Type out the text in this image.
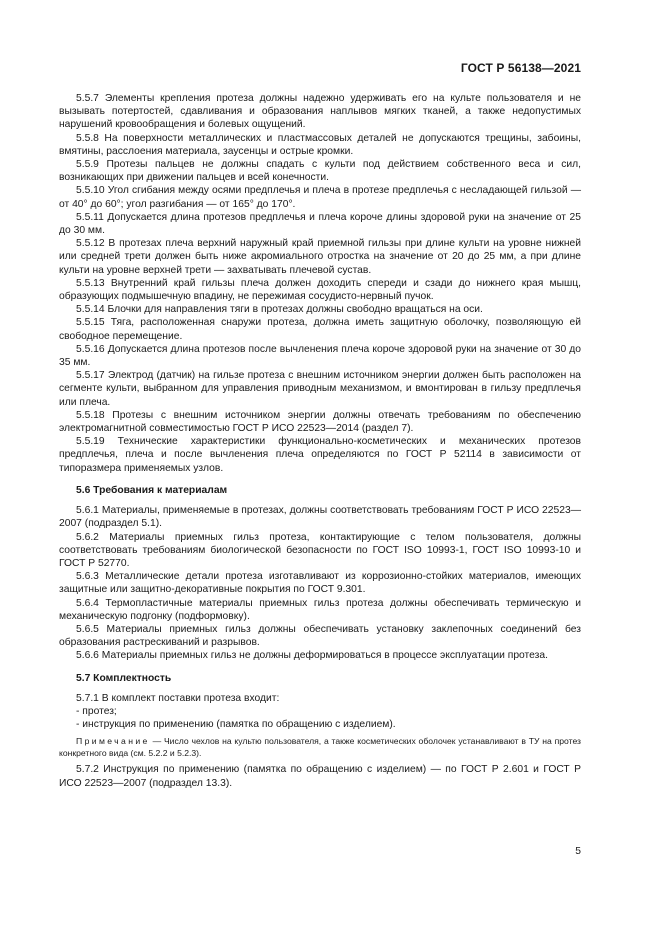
ГОСТ Р 56138—2021

5.5.7 Элементы крепления протеза должны надежно удерживать его на культе пользователя и не вызывать потертостей, сдавливания и образования наплывов мягких тканей, а также недопустимых нарушений кровообращения и болевых ощущений.

5.5.8 На поверхности металлических и пластмассовых деталей не допускаются трещины, забоины, вмятины, расслоения материала, заусенцы и острые кромки.

5.5.9 Протезы пальцев не должны спадать с культи под действием собственного веса и сил, возникающих при движении пальцев и всей конечности.

5.5.10 Угол сгибания между осями предплечья и плеча в протезе предплечья с несладающей гильзой — от 40° до 60°; угол разгибания — от 165° до 170°.

5.5.11 Допускается длина протезов предплечья и плеча короче длины здоровой руки на значение от 25 до 30 мм.

5.5.12 В протезах плеча верхний наружный край приемной гильзы при длине культи на уровне нижней или средней трети должен быть ниже акромиального отростка на значение от 20 до 25 мм, а при длине культи на уровне верхней трети — захватывать плечевой сустав.

5.5.13 Внутренний край гильзы плеча должен доходить спереди и сзади до нижнего края мышц, образующих подмышечную впадину, не пережимая сосудисто-нервный пучок.

5.5.14 Блочки для направления тяги в протезах должны свободно вращаться на оси.

5.5.15 Тяга, расположенная снаружи протеза, должна иметь защитную оболочку, позволяющую ей свободное перемещение.

5.5.16 Допускается длина протезов после вычленения плеча короче здоровой руки на значение от 30 до 35 мм.

5.5.17 Электрод (датчик) на гильзе протеза с внешним источником энергии должен быть расположен на сегменте культи, выбранном для управления приводным механизмом, и вмонтирован в гильзу предплечья или плеча.

5.5.18 Протезы с внешним источником энергии должны отвечать требованиям по обеспечению электромагнитной совместимостью ГОСТ Р ИСО 22523—2014 (раздел 7).

5.5.19 Технические характеристики функционально-косметических и механических протезов предплечья, плеча и после вычленения плеча определяются по ГОСТ Р 52114 в зависимости от типоразмера применяемых узлов.

5.6 Требования к материалам

5.6.1 Материалы, применяемые в протезах, должны соответствовать требованиям ГОСТ Р ИСО 22523—2007 (подраздел 5.1).

5.6.2 Материалы приемных гильз протеза, контактирующие с телом пользователя, должны соответствовать требованиям биологической безопасности по ГОСТ ISO 10993-1, ГОСТ ISO 10993-10 и ГОСТ Р 52770.

5.6.3 Металлические детали протеза изготавливают из коррозионно-стойких материалов, имеющих защитные или защитно-декоративные покрытия по ГОСТ 9.301.

5.6.4 Термопластичные материалы приемных гильз протеза должны обеспечивать термическую и механическую подгонку (подформовку).

5.6.5 Материалы приемных гильз должны обеспечивать установку заклепочных соединений без образования растрескиваний и разрывов.

5.6.6 Материалы приемных гильз не должны деформироваться в процессе эксплуатации протеза.

5.7 Комплектность

5.7.1 В комплект поставки протеза входит:

- протез;

- инструкция по применению (памятка по обращению с изделием).

Примечание — Число чехлов на культю пользователя, а также косметических оболочек устанавливают в ТУ на протез конкретного вида (см. 5.2.2 и 5.2.3).

5.7.2 Инструкция по применению (памятка по обращению с изделием) — по ГОСТ Р 2.601 и ГОСТ Р ИСО 22523—2007 (подраздел 13.3).

5
